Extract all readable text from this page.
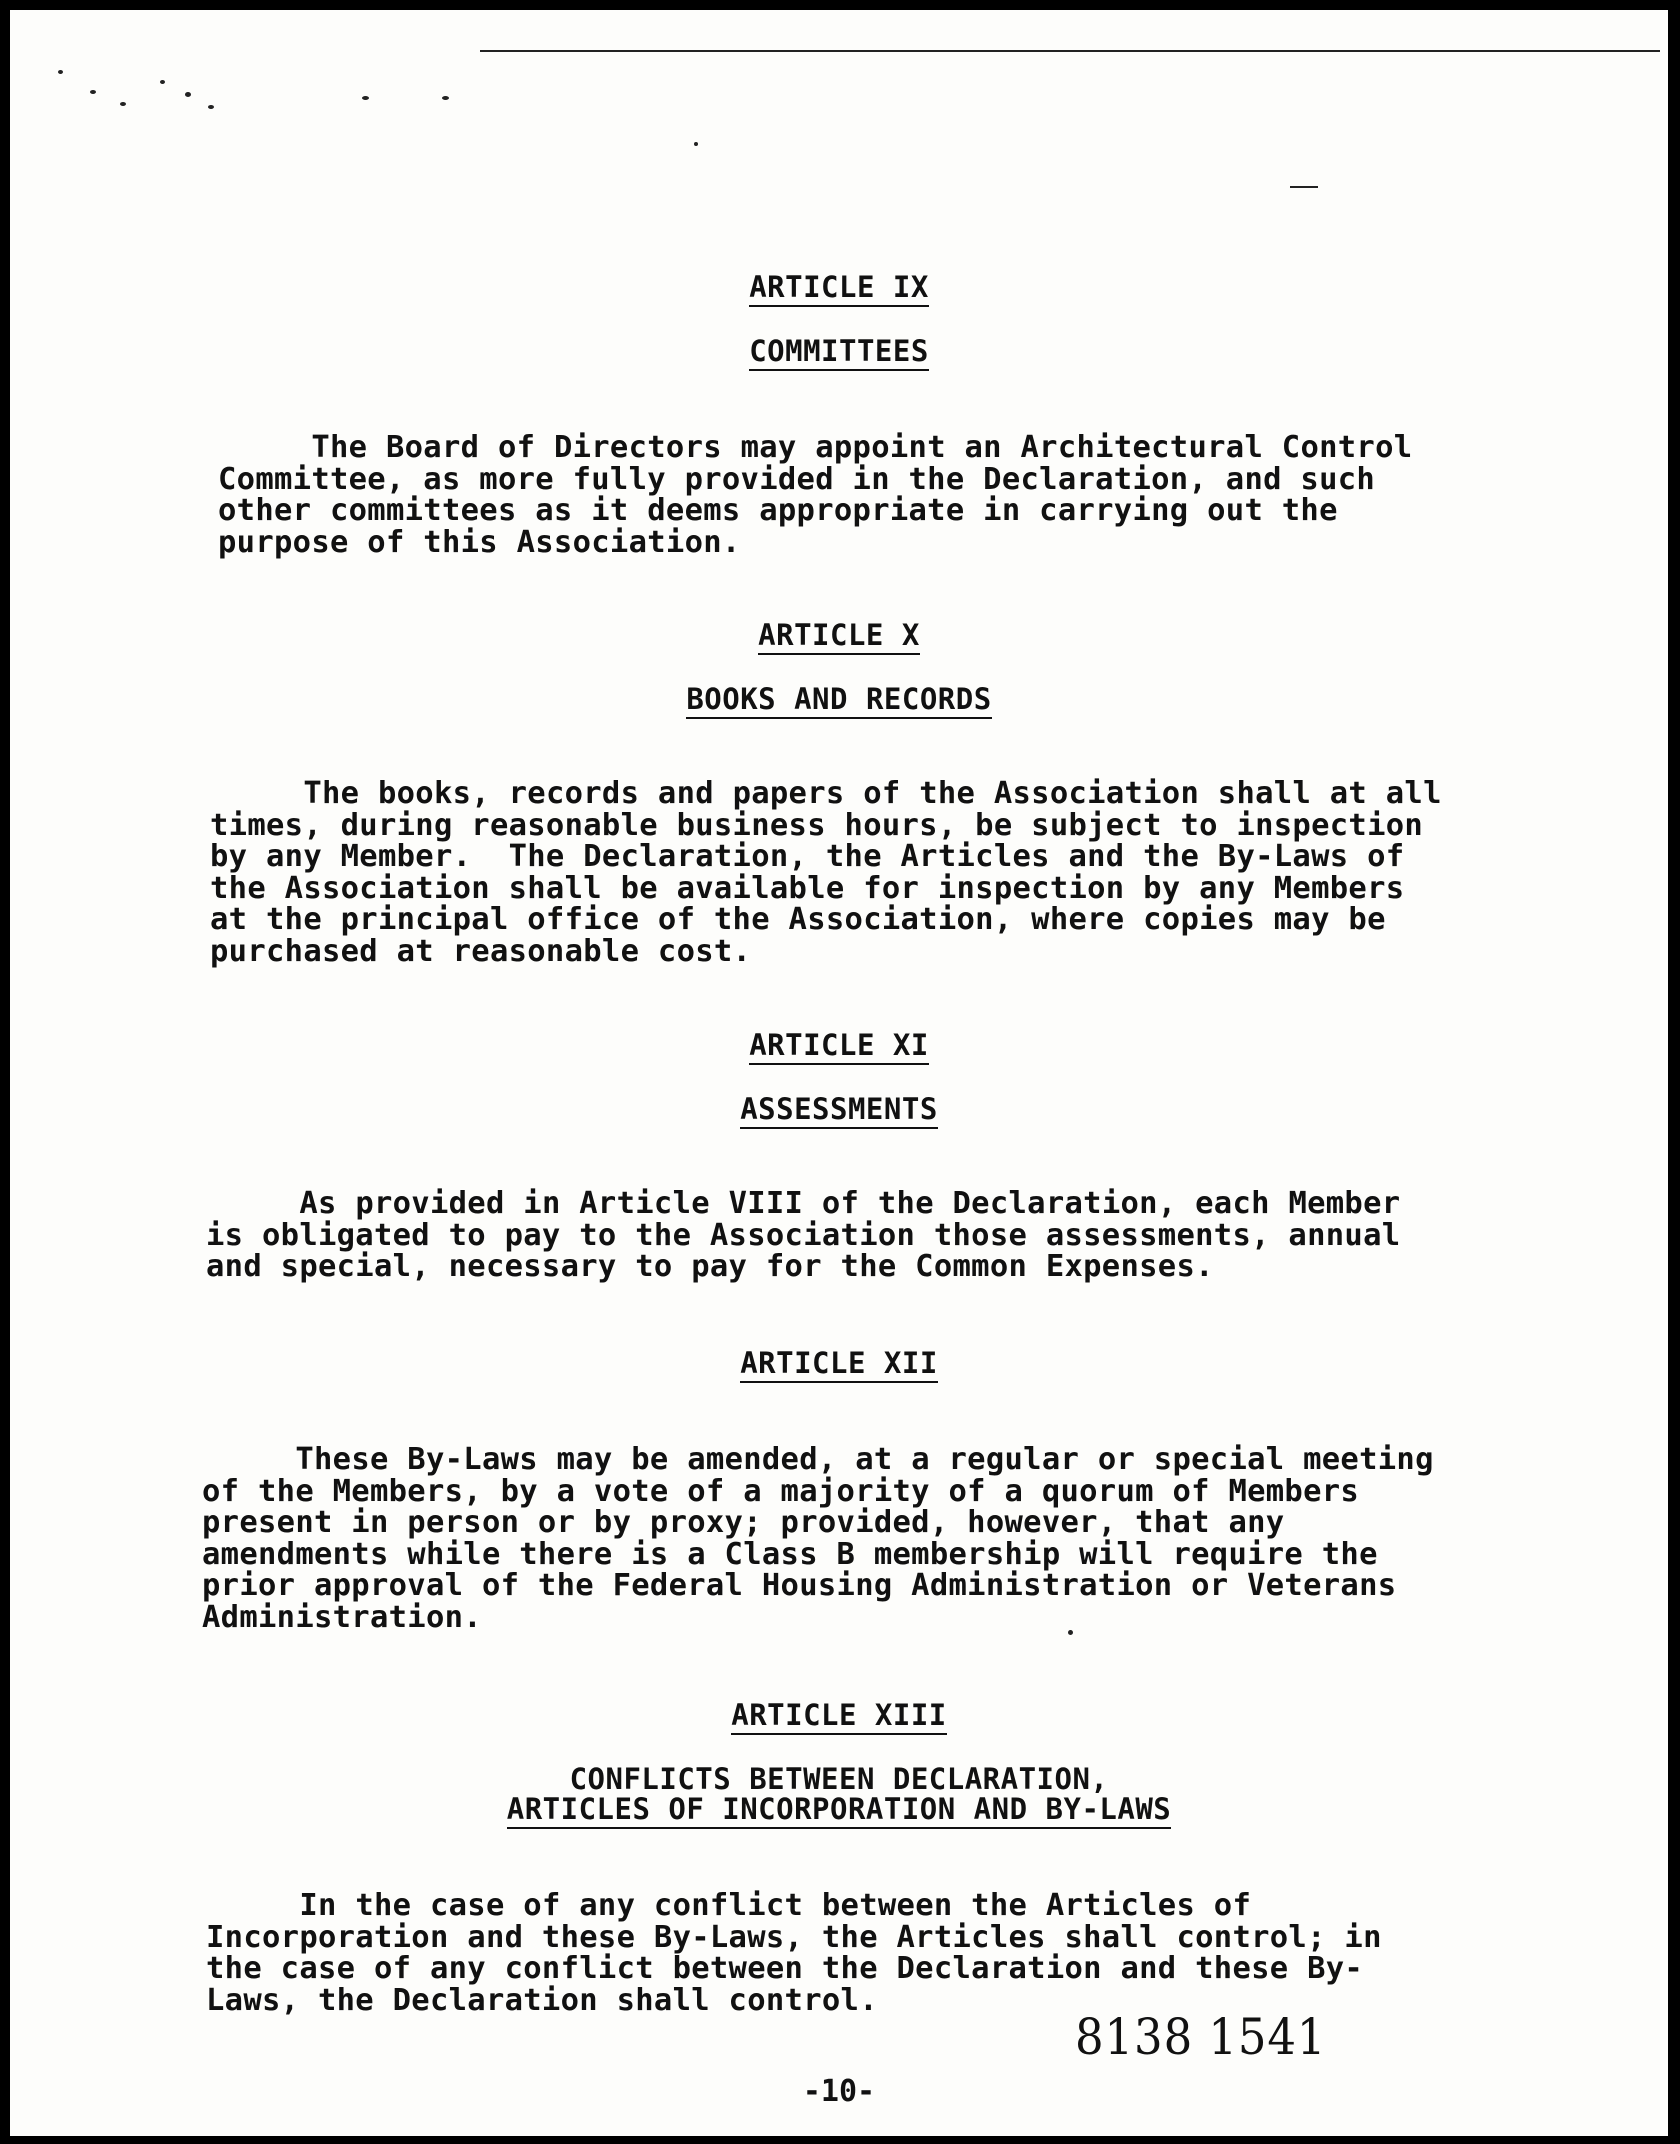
ARTICLE IX
COMMITTEES
The Board of Directors may appoint an Architectural Control
Committee, as more fully provided in the Declaration, and such
other committees as it deems appropriate in carrying out the
purpose of this Association.
ARTICLE X
BOOKS AND RECORDS
The books, records and papers of the Association shall at all
times, during reasonable business hours, be subject to inspection
by any Member.  The Declaration, the Articles and the By-Laws of
the Association shall be available for inspection by any Members
at the principal office of the Association, where copies may be
purchased at reasonable cost.
ARTICLE XI
ASSESSMENTS
As provided in Article VIII of the Declaration, each Member
is obligated to pay to the Association those assessments, annual
and special, necessary to pay for the Common Expenses.
ARTICLE XII
These By-Laws may be amended, at a regular or special meeting
of the Members, by a vote of a majority of a quorum of Members
present in person or by proxy; provided, however, that any
amendments while there is a Class B membership will require the
prior approval of the Federal Housing Administration or Veterans
Administration.
ARTICLE XIII
CONFLICTS BETWEEN DECLARATION,
ARTICLES OF INCORPORATION AND BY-LAWS
In the case of any conflict between the Articles of
Incorporation and these By-Laws, the Articles shall control; in
the case of any conflict between the Declaration and these By-
Laws, the Declaration shall control.
8138 1541
-10-
